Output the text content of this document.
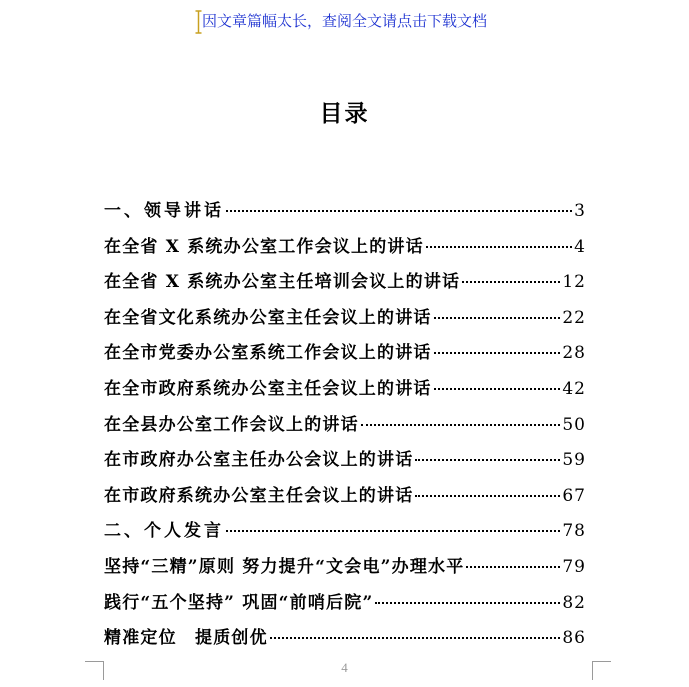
因文章篇幅太长，查阅全文请点击下载文档
目录
一、领导讲话	3
在全省 X 系统办公室工作会议上的讲话	4
在全省 X 系统办公室主任培训会议上的讲话	12
在全省文化系统办公室主任会议上的讲话	22
在全市党委办公室系统工作会议上的讲话	28
在全市政府系统办公室主任会议上的讲话	42
在全县办公室工作会议上的讲话	50
在市政府办公室主任办公会议上的讲话	59
在市政府系统办公室主任会议上的讲话	67
二、个人发言	78
坚持“三精”原则 努力提升“文会电”办理水平	79
践行“五个坚持” 巩固“前哨后院”	82
精准定位　提质创优	86
4
